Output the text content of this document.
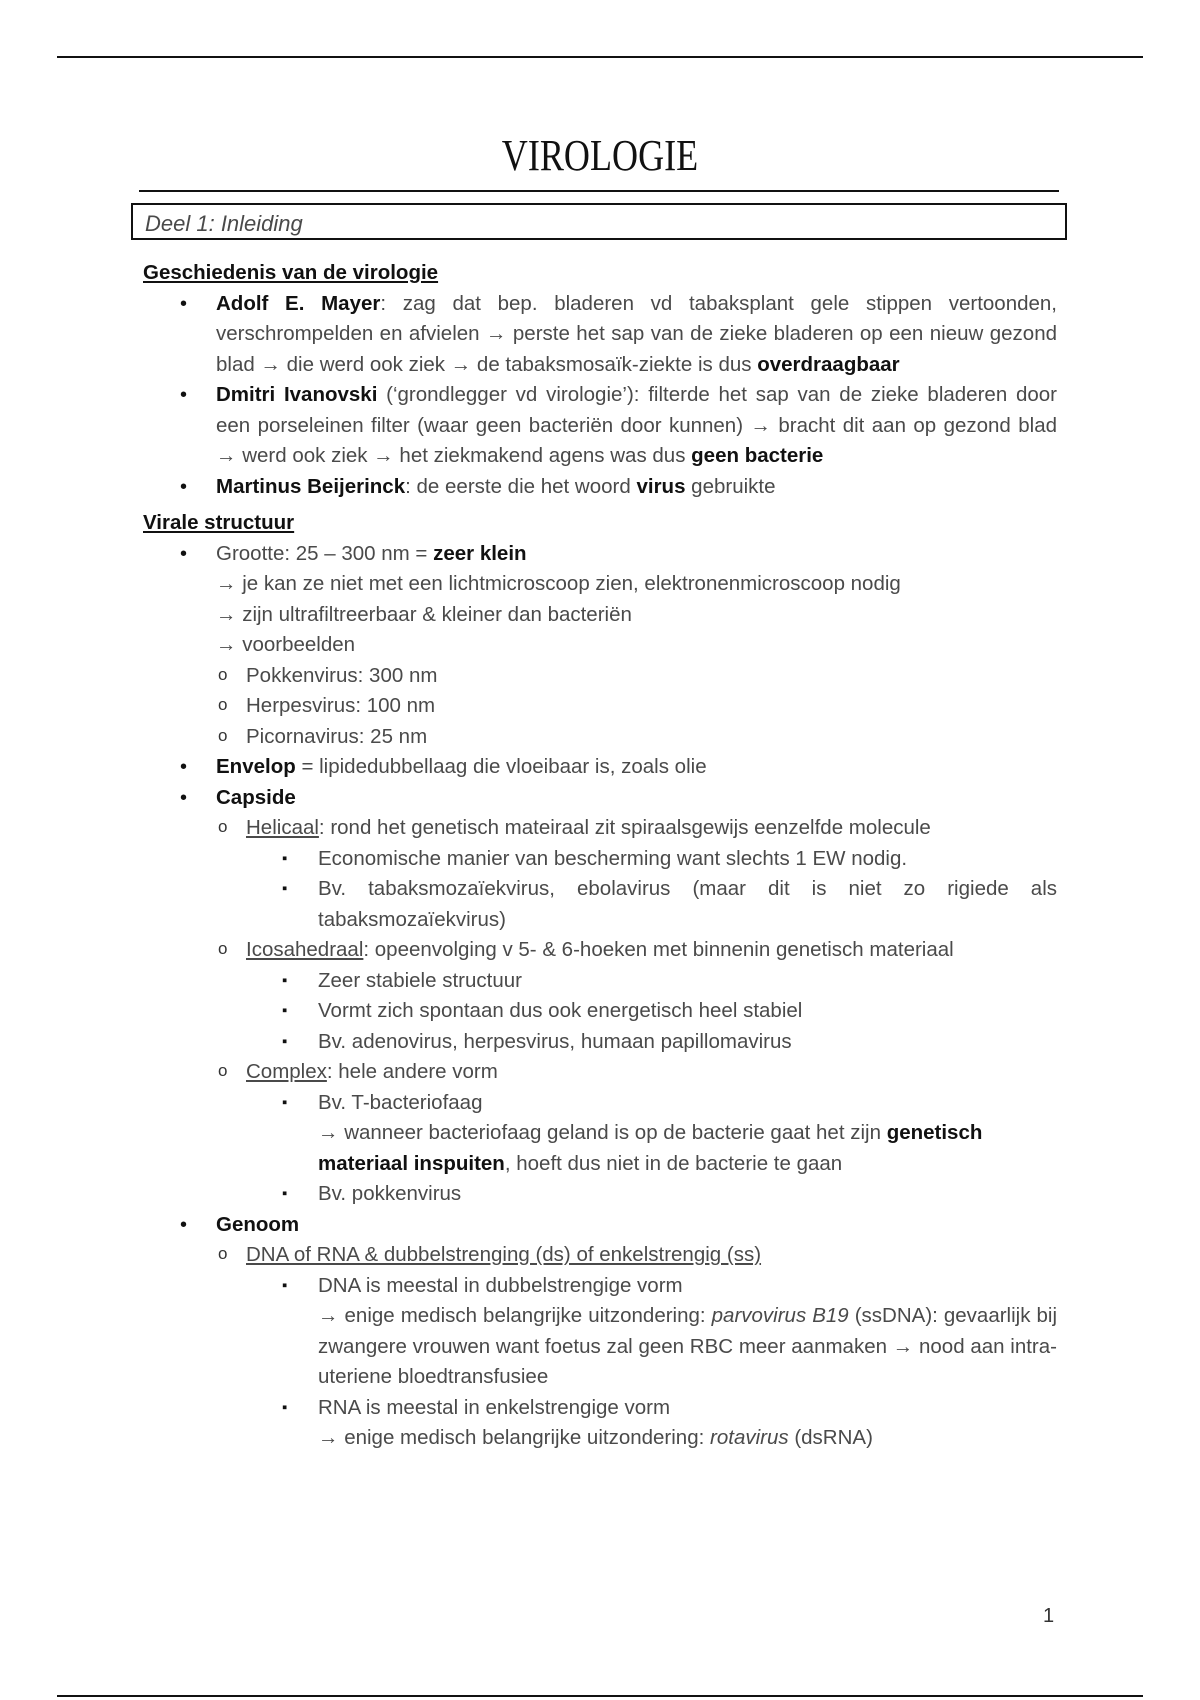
VIROLOGIE
Deel 1: Inleiding

Geschiedenis van de virologie

• Adolf E. Mayer: zag dat bep. bladeren vd tabaksplant gele stippen vertoonden, verschrompelden en afvielen → perste het sap van de zieke bladeren op een nieuw gezond blad → die werd ook ziek → de tabaksmosaïk-ziekte is dus overdraagbaar
• Dmitri Ivanovski (‘grondlegger vd virologie’): filterde het sap van de zieke bladeren door een porseleinen filter (waar geen bacteriën door kunnen) → bracht dit aan op gezond blad → werd ook ziek → het ziekmakend agens was dus geen bacterie
• Martinus Beijerinck: de eerste die het woord virus gebruikte

Virale structuur

• Grootte: 25 – 300 nm = zeer klein
→ je kan ze niet met een lichtmicroscoop zien, elektronenmicroscoop nodig
→ zijn ultrafiltreerbaar & kleiner dan bacteriën
→ voorbeelden
o Pokkenvirus: 300 nm
o Herpesvirus: 100 nm
o Picornavirus: 25 nm
• Envelop = lipidedubbellaag die vloeibaar is, zoals olie
• Capside
o Helicaal: rond het genetisch mateiraal zit spiraalsgewijs eenzelfde molecule
▪ Economische manier van bescherming want slechts 1 EW nodig.
▪ Bv. tabaksmozaïekvirus, ebolavirus (maar dit is niet zo rigiede als tabaksmozaïekvirus)
o Icosahedraal: opeenvolging v 5- & 6-hoeken met binnenin genetisch materiaal
▪ Zeer stabiele structuur
▪ Vormt zich spontaan dus ook energetisch heel stabiel
▪ Bv. adenovirus, herpesvirus, humaan papillomavirus
o Complex: hele andere vorm
▪ Bv. T-bacteriofaag
→ wanneer bacteriofaag geland is op de bacterie gaat het zijn genetisch materiaal inspuiten, hoeft dus niet in de bacterie te gaan
▪ Bv. pokkenvirus
• Genoom
o DNA of RNA & dubbelstrenging (ds) of enkelstrengig (ss)
▪ DNA is meestal in dubbelstrengige vorm
→ enige medisch belangrijke uitzondering: parvovirus B19 (ssDNA): gevaarlijk bij zwangere vrouwen want foetus zal geen RBC meer aanmaken → nood aan intra-uteriene bloedtransfusiee
▪ RNA is meestal in enkelstrengige vorm
→ enige medisch belangrijke uitzondering: rotavirus (dsRNA)
1
